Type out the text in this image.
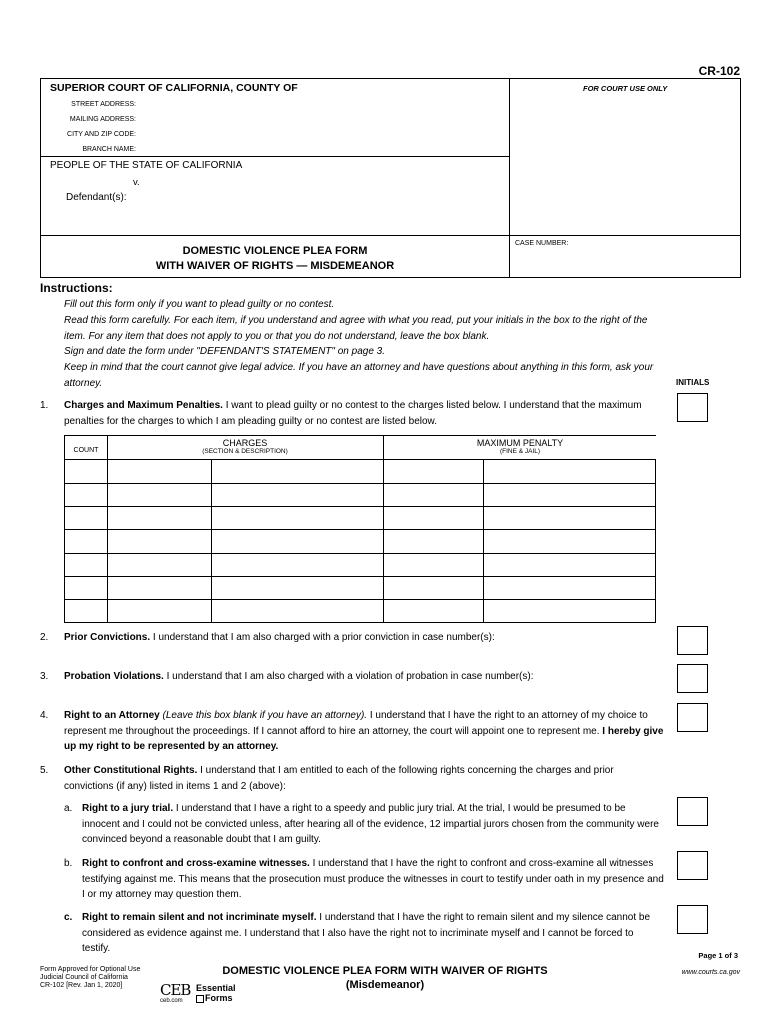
CR-102
SUPERIOR COURT OF CALIFORNIA, COUNTY OF	FOR COURT USE ONLY
STREET ADDRESS:
MAILING ADDRESS:
CITY AND ZIP CODE:
BRANCH NAME:
PEOPLE OF THE STATE OF CALIFORNIA
v.
Defendant(s):
CASE NUMBER:
DOMESTIC VIOLENCE PLEA FORM
WITH WAIVER OF RIGHTS — MISDEMEANOR
Instructions:
Fill out this form only if you want to plead guilty or no contest.
Read this form carefully. For each item, if you understand and agree with what you read, put your initials in the box to the right of the item. For any item that does not apply to you or that you do not understand, leave the box blank.
Sign and date the form under "DEFENDANT'S STATEMENT" on page 3.
Keep in mind that the court cannot give legal advice. If you have an attorney and have questions about anything in this form, ask your attorney.	INITIALS
1. Charges and Maximum Penalties. I want to plead guilty or no contest to the charges listed below. I understand that the maximum penalties for the charges to which I am pleading guilty or no contest are listed below.
COUNT
CHARGES
(SECTION & DESCRIPTION)
MAXIMUM PENALTY
(FINE & JAIL)
2. Prior Convictions. I understand that I am also charged with a prior conviction in case number(s):
3. Probation Violations. I understand that I am also charged with a violation of probation in case number(s):
4. Right to an Attorney (Leave this box blank if you have an attorney). I understand that I have the right to an attorney of my choice to represent me throughout the proceedings. If I cannot afford to hire an attorney, the court will appoint one to represent me. I hereby give up my right to be represented by an attorney.
5. Other Constitutional Rights. I understand that I am entitled to each of the following rights concerning the charges and prior convictions (if any) listed in items 1 and 2 (above):
a. Right to a jury trial. I understand that I have a right to a speedy and public jury trial. At the trial, I would be presumed to be innocent and I could not be convicted unless, after hearing all of the evidence, 12 impartial jurors chosen from the community were convinced beyond a reasonable doubt that I am guilty.
b. Right to confront and cross-examine witnesses. I understand that I have the right to confront and cross-examine all witnesses testifying against me. This means that the prosecution must produce the witnesses in court to testify under oath in my presence and I or my attorney may question them.
c. Right to remain silent and not incriminate myself. I understand that I have the right to remain silent and my silence cannot be considered as evidence against me. I understand that I also have the right not to incriminate myself and I cannot be forced to testify.
Page 1 of 3
Form Approved for Optional Use
Judicial Council of California
CR-102 [Rev. Jan 1, 2020]
DOMESTIC VIOLENCE PLEA FORM WITH WAIVER OF RIGHTS
(Misdemeanor)
www.courts.ca.gov
CEB
ceb.com
Essential
Forms
